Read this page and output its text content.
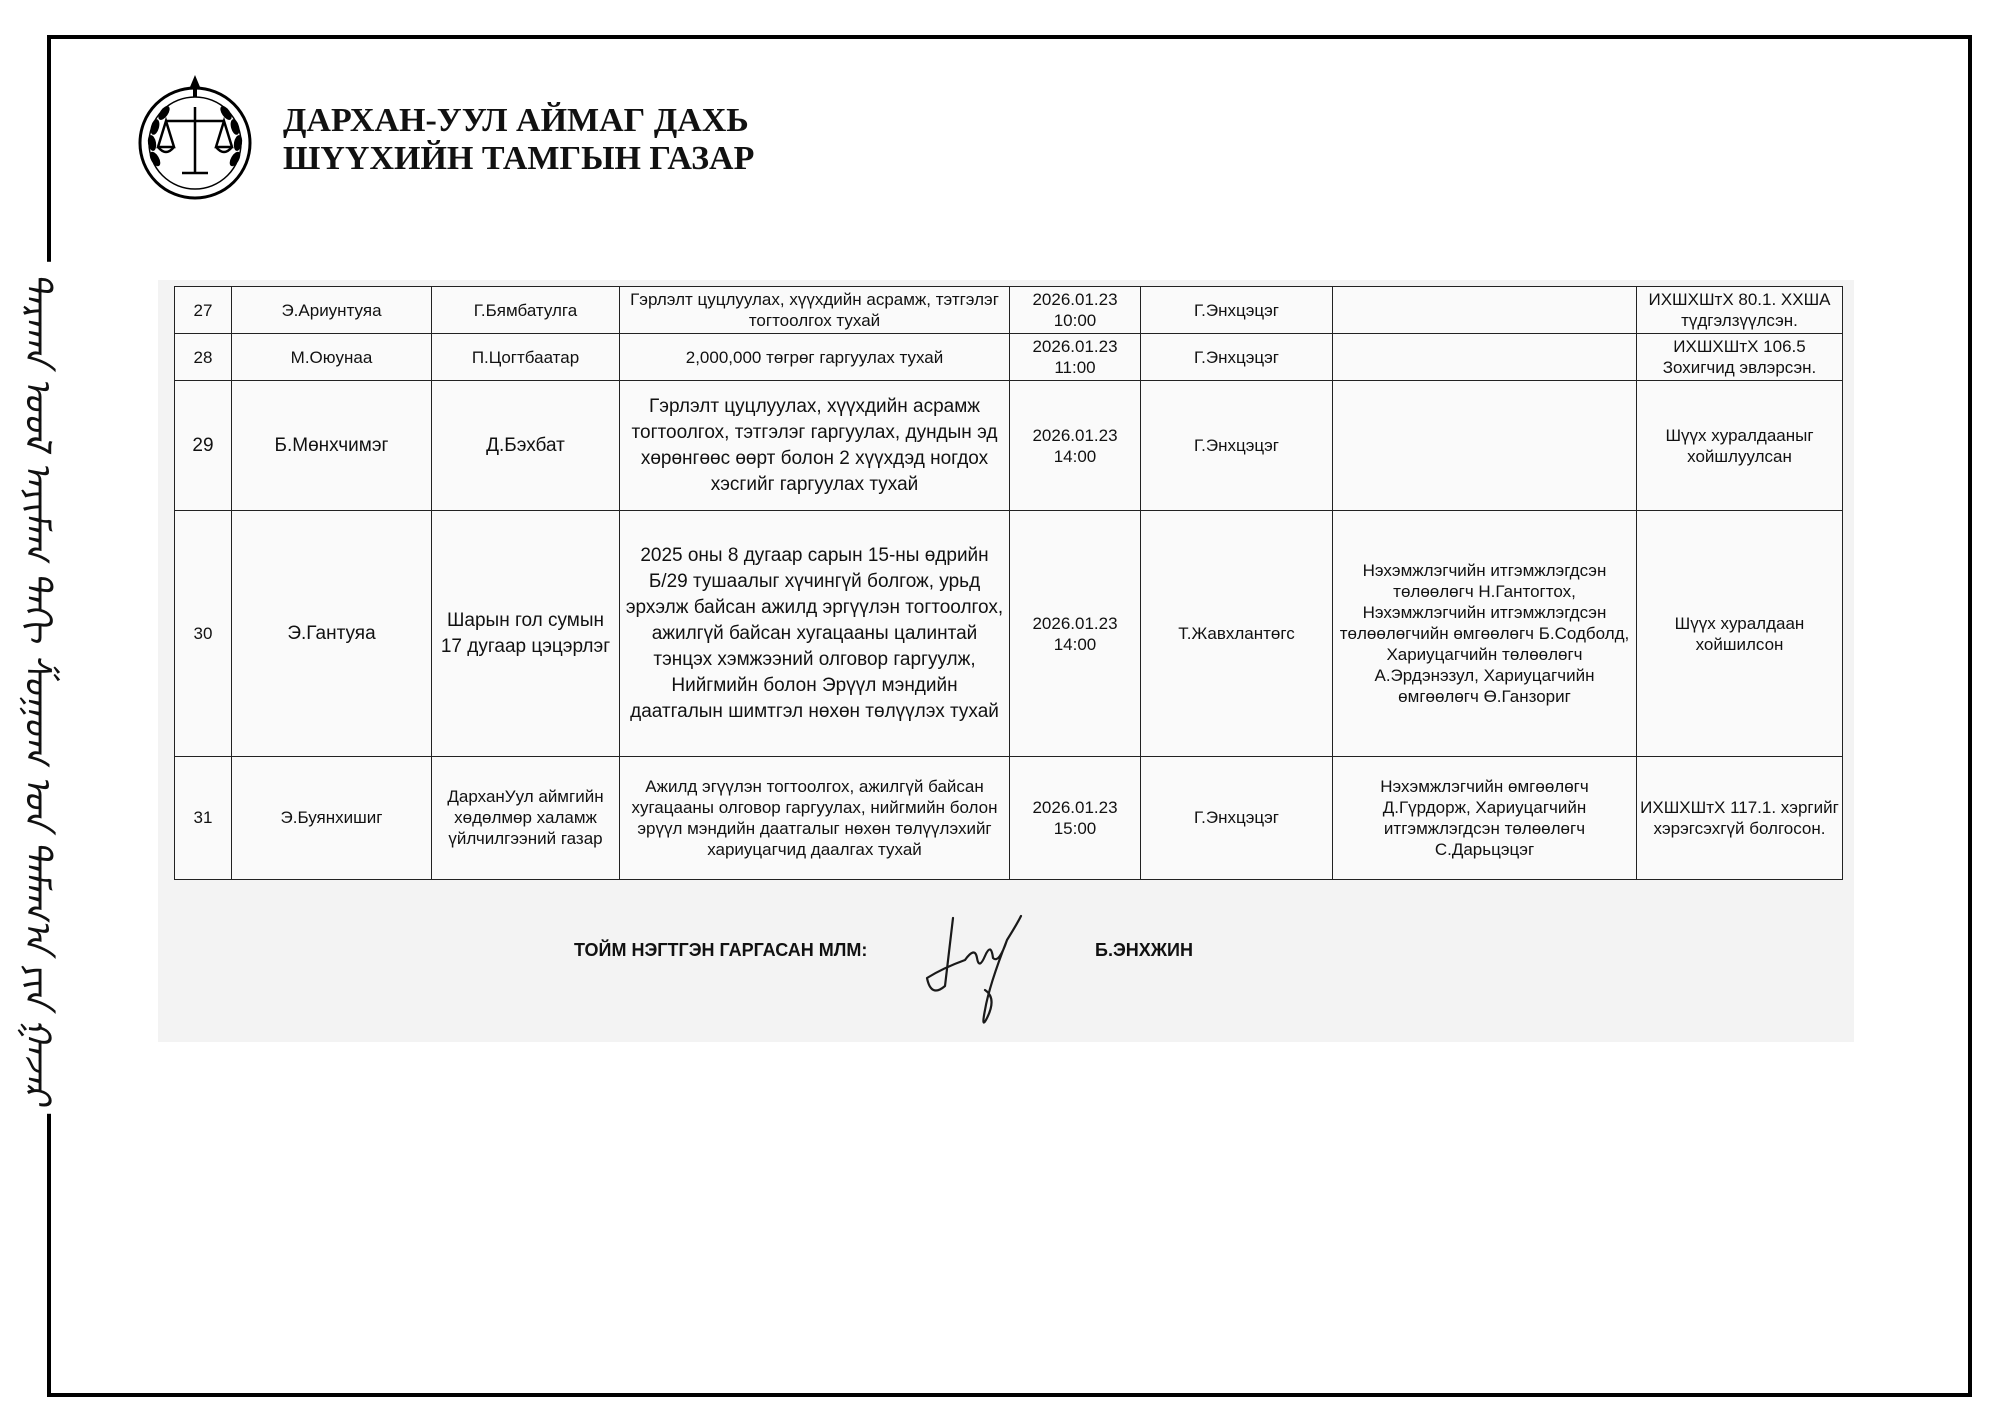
ᠳᠠᠷᠬᠠᠨ ᠤᠤᠯ ᠠᠶᠢᠮᠠᠭ ᠳᠠᠬᠢ ᠱᠤᠭᠤᠬ ᠤᠨ ᠲᠠᠮᠠᠭ᠎ᠠ ᠶᠢᠨ ᠭᠠᠵᠠᠷ
ДАРХАН-УУЛ АЙМАГ ДАХЬ
ШҮҮХИЙН ТАМГЫН ГАЗАР
27	Э.Ариунтуяа	Г.Бямбатулга	Гэрлэлт цуцлуулах, хүүхдийн асрамж, тэтгэлэг тогтоолгох тухай	2026.01.23 10:00	Г.Энхцэцэг		ИХШХШтХ 80.1. ХХША түдгэлзүүлсэн.
28	М.Оюунаа	П.Цогтбаатар	2,000,000 төгрөг гаргуулах тухай	2026.01.23 11:00	Г.Энхцэцэг		ИХШХШтХ 106.5 Зохигчид эвлэрсэн.
29	Б.Мөнхчимэг	Д.Бэхбат	Гэрлэлт цуцлуулах, хүүхдийн асрамж тогтоолгох, тэтгэлэг гаргуулах, дундын эд хөрөнгөөс өөрт болон 2 хүүхдэд ногдох хэсгийг гаргуулах тухай	2026.01.23 14:00	Г.Энхцэцэг		Шүүх хуралдааныг хойшлуулсан
30	Э.Гантуяа	Шарын гол сумын 17 дугаар цэцэрлэг	2025 оны 8 дугаар сарын 15-ны өдрийн Б/29 тушаалыг хүчингүй болгож, урьд эрхэлж байсан ажилд эргүүлэн тогтоолгох, ажилгүй байсан хугацааны цалинтай тэнцэх хэмжээний олговор гаргуулж, Нийгмийн болон Эрүүл мэндийн даатгалын шимтгэл нөхөн төлүүлэх тухай	2026.01.23 14:00	Т.Жавхлантөгс	Нэхэмжлэгчийн итгэмжлэгдсэн төлөөлөгч Н.Гантогтох, Нэхэмжлэгчийн итгэмжлэгдсэн төлөөлөгчийн өмгөөлөгч Б.Содболд, Хариуцагчийн төлөөлөгч А.Эрдэнэзул, Хариуцагчийн өмгөөлөгч Ө.Ганзориг	Шүүх хуралдаан хойшилсон
31	Э.Буянхишиг	ДарханУул аймгийн хөдөлмөр халамж үйлчилгээний газар	Ажилд эгүүлэн тогтоолгох, ажилгүй байсан хугацааны олговор гаргуулах, нийгмийн болон эрүүл мэндийн даатгалыг нөхөн төлүүлэхийг хариуцагчид даалгах тухай	2026.01.23 15:00	Г.Энхцэцэг	Нэхэмжлэгчийн өмгөөлөгч Д.Гүрдорж, Хариуцагчийн итгэмжлэгдсэн төлөөлөгч С.Дарьцэцэг	ИХШХШтХ 117.1. хэргийг хэрэгсэхгүй болгосон.
ТОЙМ НЭГТГЭН ГАРГАСАН МЛМ:	Б.ЭНХЖИН
